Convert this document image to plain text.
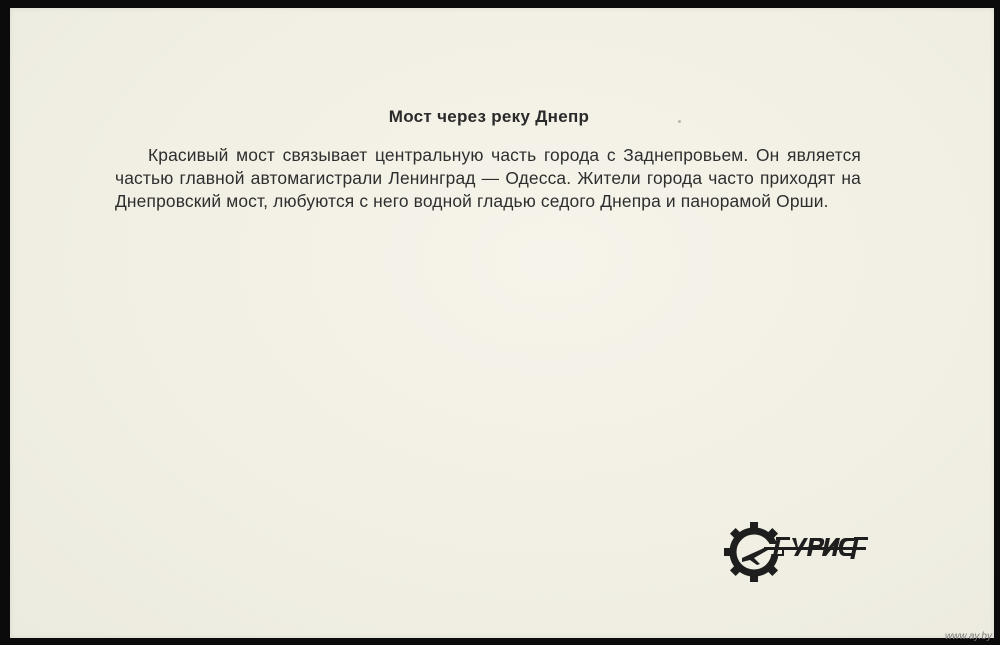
Мост через реку Днепр
Красивый мост связывает центральную часть города с Заднепровьем. Он является частью главной автомагистрали Ленинград — Одесса. Жители города часто приходят на Днепровский мост, любуются с него водной гладью седого Днепра и панорамой Орши.
www.ay.by
